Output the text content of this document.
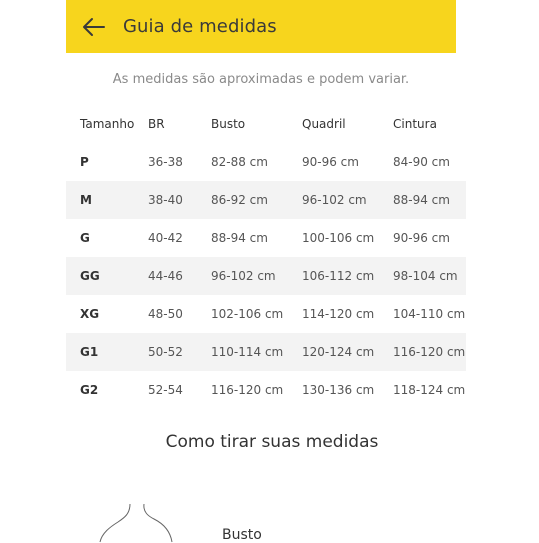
Guia de medidas
As medidas são aproximadas e podem variar.
Tamanho	BR	Busto	Quadril	Cintura
P	36-38	82-88 cm	90-96 cm	84-90 cm
M	38-40	86-92 cm	96-102 cm	88-94 cm
G	40-42	88-94 cm	100-106 cm	90-96 cm
GG	44-46	96-102 cm	106-112 cm	98-104 cm
XG	48-50	102-106 cm	114-120 cm	104-110 cm
G1	50-52	110-114 cm	120-124 cm	116-120 cm
G2	52-54	116-120 cm	130-136 cm	118-124 cm
Como tirar suas medidas
Busto
